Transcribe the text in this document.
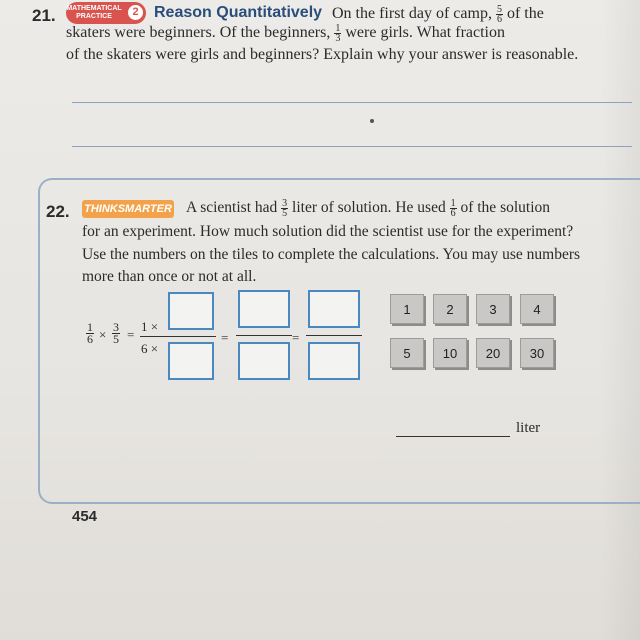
21. MATHEMATICAL
PRACTICE	2 Reason Quantitatively On the first day of camp, $\frac{5}{6}$ of the
skaters were beginners. Of the beginners, $\frac{1}{3}$ were girls. What fraction
of the skaters were girls and beginners? Explain why your answer is reasonable.
22. THINKSMARTER A scientist had $\frac{3}{5}$ liter of solution. He used $\frac{1}{6}$ of the solution
for an experiment. How much solution did the scientist use for the experiment?
Use the numbers on the tiles to complete the calculations. You may use numbers
more than once or not at all.
$\frac{1}{6} \times \frac{3}{5}$ =
1 ×
6 ×
=	=
1	2	3	4
5	10	20	30
liter
454
